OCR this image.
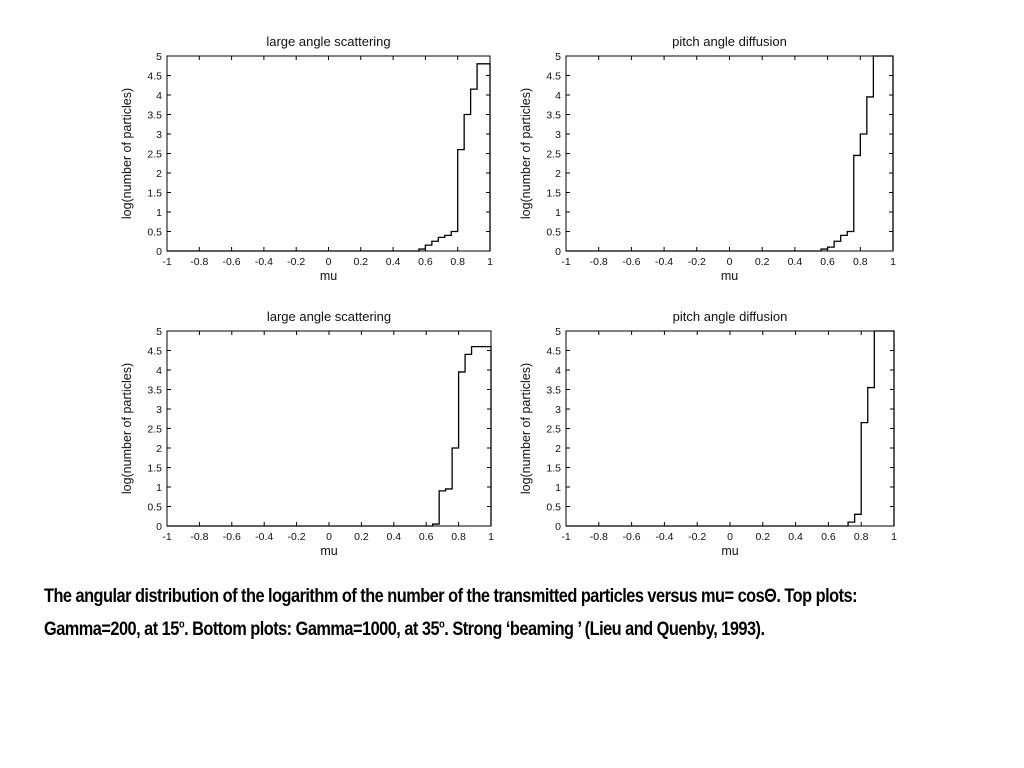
-1 -0.8 -0.6 -0.4 -0.2 0 0.2 0.4 0.6 0.8 1
0
0.5
1
1.5
2
2.5
3
3.5
4
4.5
5
large angle scattering
mu
log(number of particles)
-1 -0.8 -0.6 -0.4 -0.2 0 0.2 0.4 0.6 0.8 1
0
0.5
1
1.5
2
2.5
3
3.5
4
4.5
5
pitch angle diffusion
mu
log(number of particles)
-1 -0.8 -0.6 -0.4 -0.2 0 0.2 0.4 0.6 0.8 1
0
0.5
1
1.5
2
2.5
3
3.5
4
4.5
5
large angle scattering
mu
log(number of particles)
-1 -0.8 -0.6 -0.4 -0.2 0 0.2 0.4 0.6 0.8 1
0
0.5
1
1.5
2
2.5
3
3.5
4
4.5
5
pitch angle diffusion
mu
log(number of particles)
The angular distribution of the logarithm of the number of the transmitted particles versus mu= cosΘ. Top plots: Gamma=200, at 15$^o$. Bottom plots: Gamma=1000, at 35$^o$. Strong ‘beaming ’ (Lieu and Quenby, 1993).
